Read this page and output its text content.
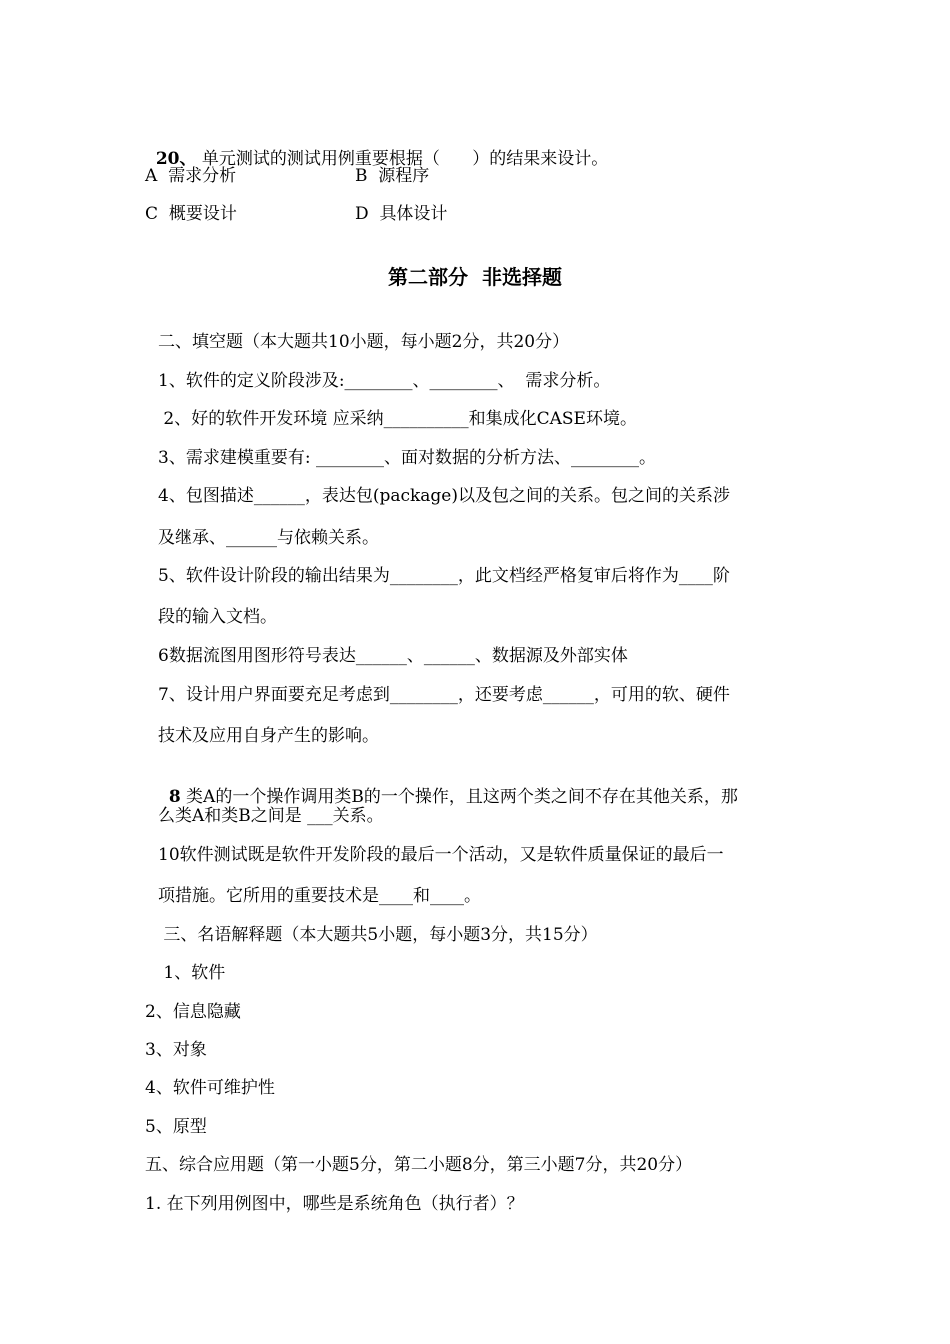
20、 单元测试的测试用例重要根据（      ）的结果来设计。

A  需求分析	B  源程序
C  概要设计	D  具体设计
第二部分  非选择题
二、填空题（本大题共10小题，每小题2分，共20分）
1、软件的定义阶段涉及:________、________、  需求分析。
2、好的软件开发环境 应采纳__________和集成化CASE环境。
3、需求建模重要有: ________、面对数据的分析方法、________。
4、包图描述______，表达包(package)以及包之间的关系。包之间的关系涉
及继承、______与依赖关系。
5、软件设计阶段的输出结果为________，此文档经严格复审后将作为____阶
段的输入文档。
6数据流图用图形符号表达______、______、数据源及外部实体
7、设计用户界面要充足考虑到________，还要考虑______，可用的软、硬件
技术及应用自身产生的影响。

8 类A的一个操作调用类B的一个操作，且这两个类之间不存在其他关系，那

么类A和类B之间是 ___关系。
10软件测试既是软件开发阶段的最后一个活动，又是软件质量保证的最后一
项措施。它所用的重要技术是____和____。
三、名语解释题（本大题共5小题，每小题3分，共15分）
1、软件
2、信息隐藏
3、对象
4、软件可维护性
5、原型
五、综合应用题（第一小题5分，第二小题8分，第三小题7分，共20分）
1. 在下列用例图中，哪些是系统角色（执行者）？
